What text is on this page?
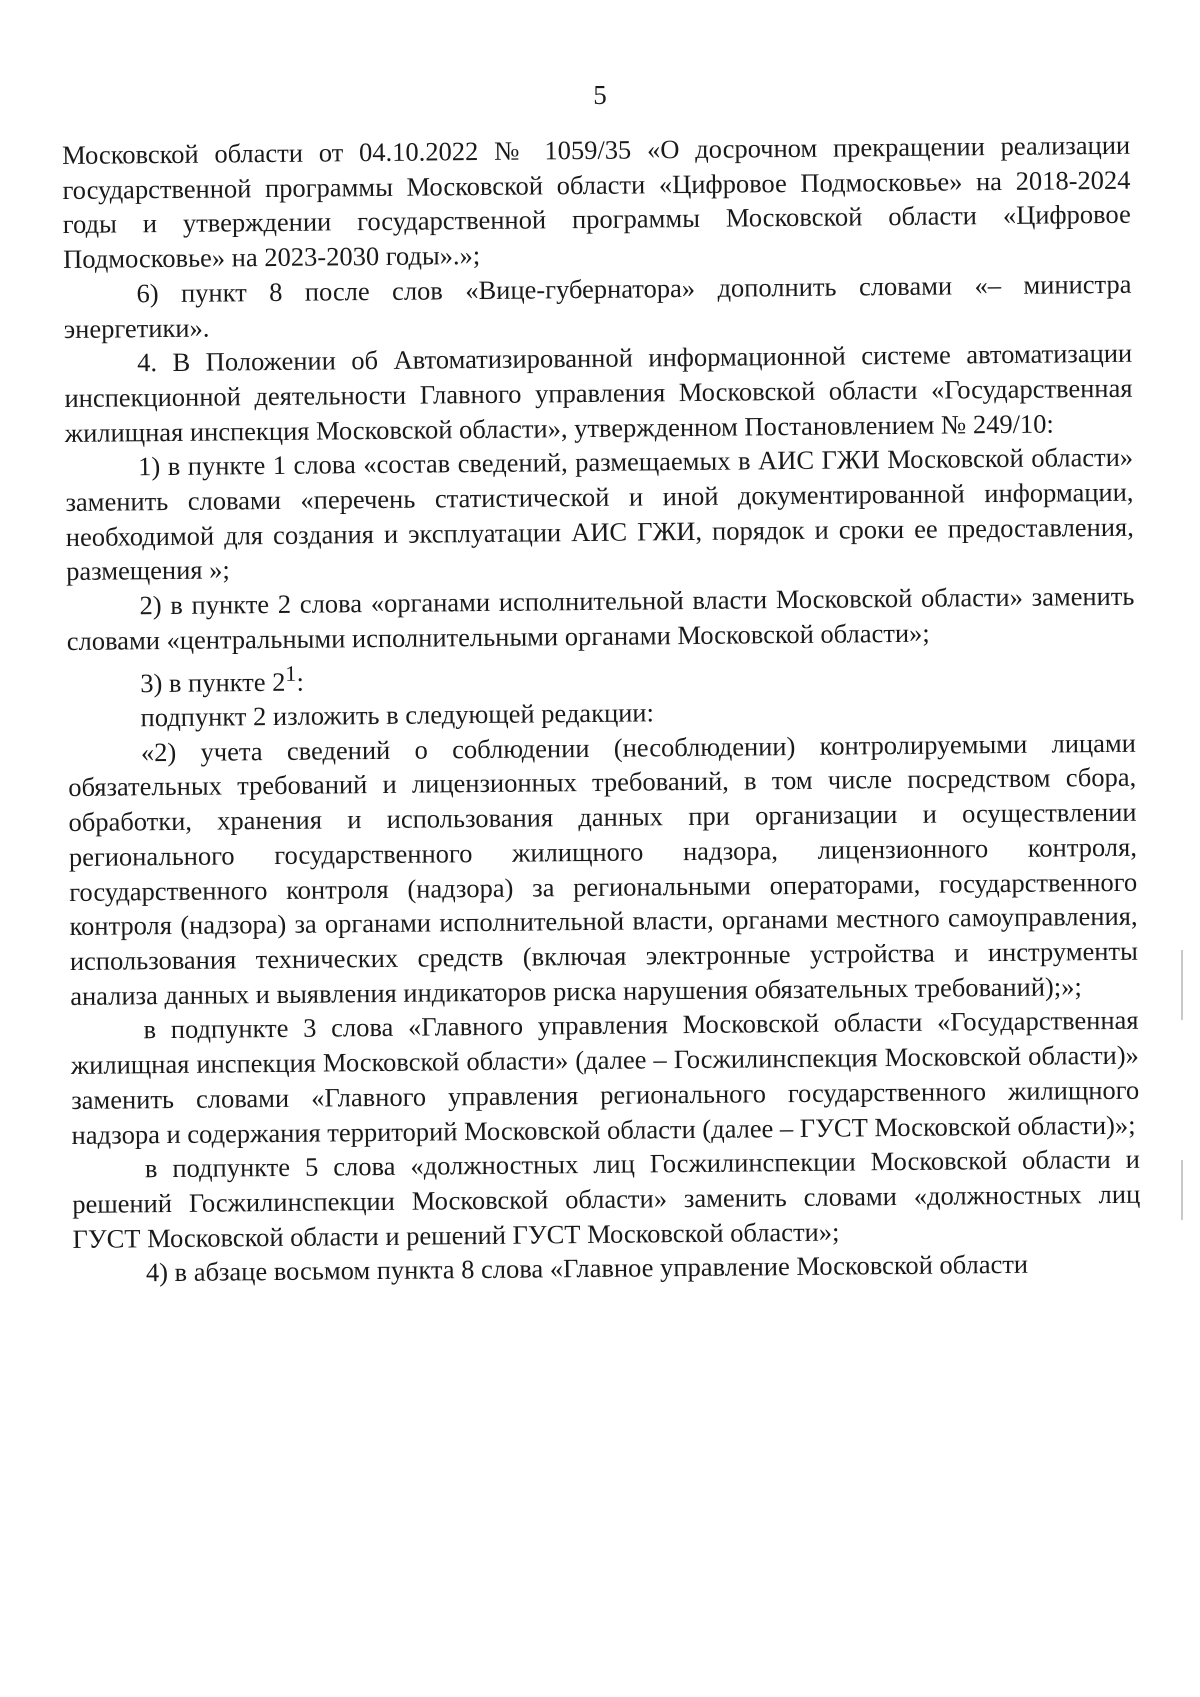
5

Московской области от 04.10.2022 № 1059/35 «О досрочном прекращении реализации государственной программы Московской области «Цифровое Подмосковье» на 2018-2024 годы и утверждении государственной программы Московской области «Цифровое Подмосковье» на 2023-2030 годы».»;

6) пункт 8 после слов «Вице-губернатора» дополнить словами «– министра энергетики».

4. В Положении об Автоматизированной информационной системе автоматизации инспекционной деятельности Главного управления Московской области «Государственная жилищная инспекция Московской области», утвержденном Постановлением № 249/10:

1) в пункте 1 слова «состав сведений, размещаемых в АИС ГЖИ Московской области» заменить словами «перечень статистической и иной документированной информации, необходимой для создания и эксплуатации АИС ГЖИ, порядок и сроки ее предоставления, размещения »;

2) в пункте 2 слова «органами исполнительной власти Московской области» заменить словами «центральными исполнительными органами Московской области»;

3) в пункте $2^1$:

подпункт 2 изложить в следующей редакции:

«2) учета сведений о соблюдении (несоблюдении) контролируемыми лицами обязательных требований и лицензионных требований, в том числе посредством сбора, обработки, хранения и использования данных при организации и осуществлении регионального государственного жилищного надзора, лицензионного контроля, государственного контроля (надзора) за региональными операторами, государственного контроля (надзора) за органами исполнительной власти, органами местного самоуправления, использования технических средств (включая электронные устройства и инструменты анализа данных и выявления индикаторов риска нарушения обязательных требований);»;

в подпункте 3 слова «Главного управления Московской области «Государственная жилищная инспекция Московской области» (далее – Госжилинспекция Московской области)» заменить словами «Главного управления регионального государственного жилищного надзора и содержания территорий Московской области (далее – ГУСТ Московской области)»;

в подпункте 5 слова «должностных лиц Госжилинспекции Московской области и решений Госжилинспекции Московской области» заменить словами «должностных лиц ГУСТ Московской области и решений ГУСТ Московской области»;

4) в абзаце восьмом пункта 8 слова «Главное управление Московской области
